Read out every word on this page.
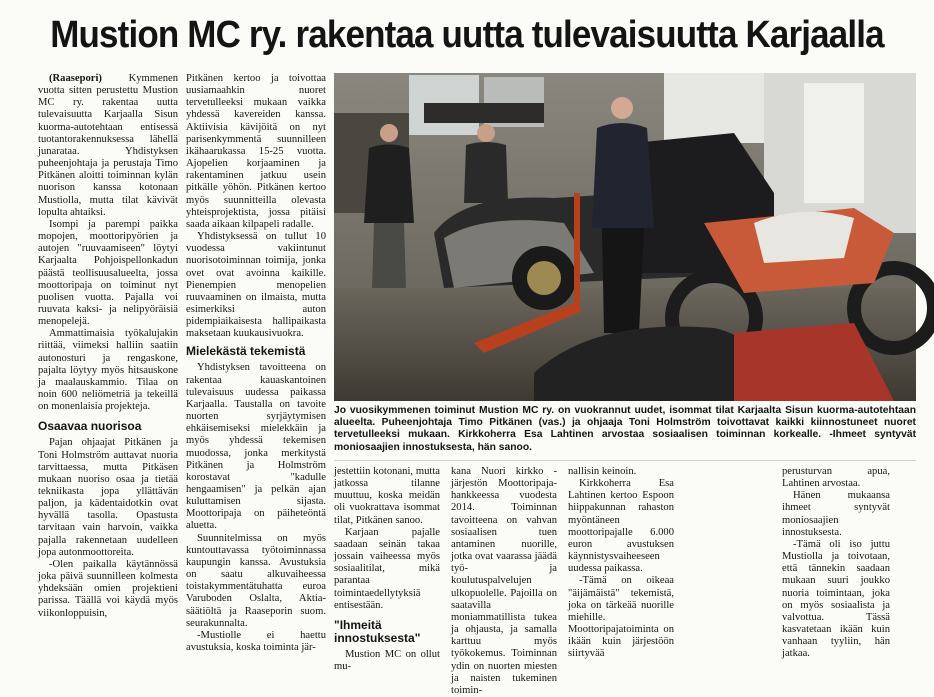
Mustion MC ry. rakentaa uutta tulevaisuutta Karjaalla

(Raasepori)	Kymmenen vuotta sitten perustettu Mustion MC ry. rakentaa uutta tulevaisuutta Karjaalla Sisun kuorma-autotehtaan entisessä tuotantorakennuksessa lähellä junarataa. Yhdistyksen puheenjohtaja ja perustaja Timo Pitkänen aloitti toiminnan kylän nuorison kanssa kotonaan Mustiolla, mutta tilat kävivät lopulta ahtaiksi.

Isompi ja parempi paikka mopojen, moottoripyörien ja autojen "ruuvaamiseen" löytyi Karjaalta Pohjoispellonkadun päästä teollisuusalueelta, jossa moottoripaja on toiminut nyt puolisen vuotta. Pajalla voi ruuvata kaksi- ja nelipyöräisiä menopelejä.

Ammattimaisia työkalujakin riittää, viimeksi halliin saatiin autonosturi ja rengaskone, pajalta löytyy myös hitsauskone ja maalauskammio. Tilaa on noin 600 neliömetriä ja tekeillä on monenlaisia projekteja.

Osaavaa nuorisoa

Pajan ohjaajat Pitkänen ja Toni Holmström auttavat nuoria tarvittaessa, mutta Pitkäsen mukaan nuoriso osaa ja tietää tekniikasta jopa yllättävän paljon, ja kädentaidotkin ovat hyvällä tasolla. Opastusta tarvitaan vain harvoin, vaikka pajalla rakennetaan uudelleen jopa autonmoottoreita.

-Olen paikalla käytännössä joka päivä suunnilleen kolmesta yhdeksään omien projektieni parissa. Täällä voi käydä myös viikonloppuisin,

Pitkänen kertoo ja toivottaa uusiamaahkin nuoret tervetulleeksi mukaan vaikka yhdessä kavereiden kanssa. Aktiivisia kävijöitä on nyt parisenkymmentä suunnilleen ikähaarukassa 15-25 vuotta. Ajopelien korjaaminen ja rakentaminen jatkuu usein pitkälle yöhön. Pitkänen kertoo myös suunnitteilla olevasta yhteisprojektista, jossa pitäisi saada aikaan kilpapeli radalle.

Yhdistyksessä on tullut 10 vuodessa vakiintunut nuorisotoiminnan toimija, jonka ovet ovat avoinna kaikille. Pienempien menopelien ruuvaaminen on ilmaista, mutta esimerkiksi auton pidempiaikaisesta hallipaikasta maksetaan kuukausivuokra.

Mielekästä tekemistä

Yhdistyksen tavoitteena on rakentaa kauaskantoinen tulevaisuus uudessa paikassa Karjaalla. Taustalla on tavoite nuorten syrjäytymisen ehkäisemiseksi mielekkäin ja myös yhdessä tekemisen muodossa, jonka merkitystä Pitkänen ja Holmström korostavat "kadulle hengaamisen" ja pelkän ajan kuluttamisen sijasta. Moottoripaja on päiheteöntä aluetta.

Suunnitelmissa on myös kuntouttavassa työtoiminnassa kaupungin kanssa. Avustuksia on saatu alkuvaiheessa toistakymmentätuhatta euroa Varuboden Oslalta, Aktia-säätiöltä ja Raaseporin suom. seurakunnalta.

-Mustiolle ei haettu avustuksia, koska toiminta jär-

Jo vuosikymmenen toiminut Mustion MC ry. on vuokrannut uudet, isommat tilat Karjaalta Sisun kuorma-autotehtaan alueelta. Puheenjohtaja Timo Pitkänen (vas.) ja ohjaaja Toni Holmström toivottavat kaikki kiinnostuneet nuoret tervetulleeksi mukaan. Kirkkoherra Esa Lahtinen arvostaa sosiaalisen toiminnan korkealle. -Ihmeet syntyvät moniosaajien innostuksesta, hän sanoo.

jestettiin kotonani, mutta jatkossa tilanne muuttuu, koska meidän oli vuokrattava isommat tilat, Pitkänen sanoo.

Karjaan pajalle saadaan seinän takaa jossain vaiheessa myös sosiaalitilat, mikä parantaa toimintaedellytyksiä entisestään.

"Ihmeitä innostuksesta"

Mustion MC on ollut mu-

kana Nuori kirkko -järjestön Moottoripaja-hankkeessa vuodesta 2014. Toiminnan tavoitteena on vahvan sosiaalisen tuen antaminen nuorille, jotka ovat vaarassa jäädä työ- ja koulutuspalvelujen ulkopuolelle. Pajoilla on saatavilla moniammatillista tukea ja ohjausta, ja samalla karttuu myös työkokemus. Toiminnan ydin on nuorten miesten ja naisten tukeminen toimin-

nallisin keinoin.

Kirkkoherra Esa Lahtinen kertoo Espoon hiippakunnan rahaston myöntäneen moottoripajalle 6.000 euron avustuksen käynnistysvaiheeseen uudessa paikassa.

-Tämä on oikeaa "äijämäistä" tekemistä, joka on tärkeää nuorille miehille. Moottoripajatoiminta on ikään kuin järjestöön siirtyvää

perusturvan apua, Lahtinen arvostaa.

Hänen mukaansa ihmeet syntyvät moniosaajien innostuksesta.

-Tämä oli iso juttu Mustiolla ja toivotaan, että tännekin saadaan mukaan suuri joukko nuoria toimintaan, joka on myös sosiaalista ja valvottua. Tässä kasvatetaan ikään kuin vanhaan tyyliin, hän jatkaa.
